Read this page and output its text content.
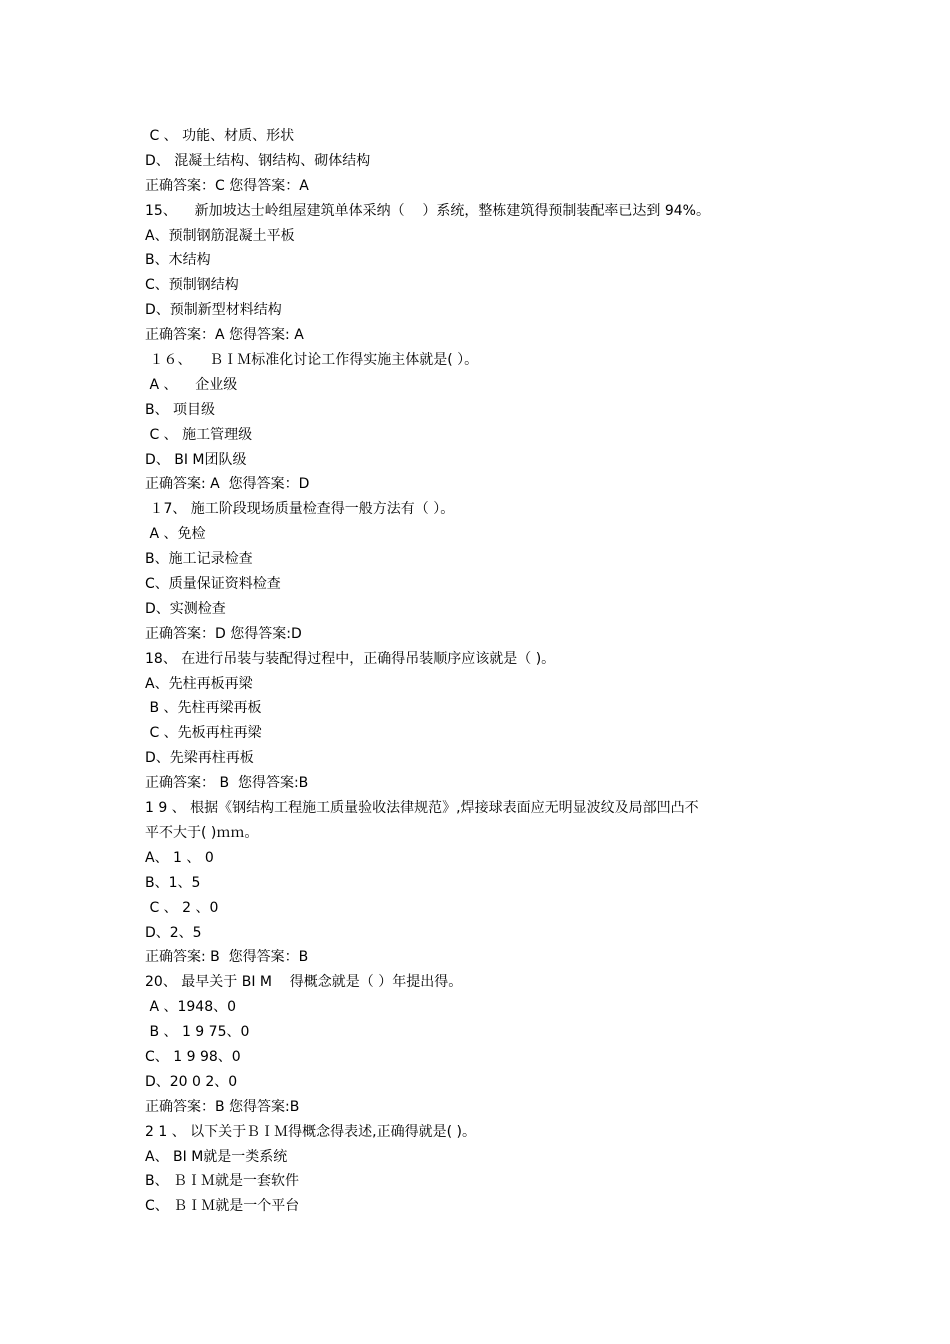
C 、 功能、材质、形状
D、 混凝土结构、钢结构、砌体结构
正确答案：C 您得答案：A
15、    新加坡达士岭组屋建筑单体采纳（    ）系统，整栋建筑得预制装配率已达到 94%。
A、预制钢筋混凝土平板
B、木结构
C、预制钢结构
D、预制新型材料结构
正确答案：A 您得答案: A
１６、    ＢＩＭ标准化讨论工作得实施主体就是( ）。
A 、    企业级
B、 项目级
C 、 施工管理级
D、 BI M团队级
正确答案: A  您得答案：D
１7、 施工阶段现场质量检查得一般方法有（ ）。
A 、免检
B、施工记录检查
C、质量保证资料检查
D、实测检查
正确答案：D 您得答案:D
18、 在进行吊装与装配得过程中，正确得吊装顺序应该就是（ )。
A、先柱再板再梁
B 、先柱再梁再板
C 、先板再柱再梁
D、先梁再柱再板
正确答案： B  您得答案:B
1 9 、 根据《钢结构工程施工质量验收法律规范》,焊接球表面应无明显波纹及局部凹凸不
平不大于( )ｍｍ。
A、 1 、 0
B、1、5
C 、 2 、0
D、2、5
正确答案: B  您得答案：B
20、 最早关于 BI M    得概念就是（ ）年提出得。
A 、1948、0
B 、 1 9 75、0
C、 1 9 98、0
D、20 0 2、0
正确答案：B 您得答案:B
2 1 、 以下关于ＢＩＭ得概念得表述,正确得就是( )。
A、 BI M就是一类系统
B、 ＢＩＭ就是一套软件
C、 ＢＩＭ就是一个平台
